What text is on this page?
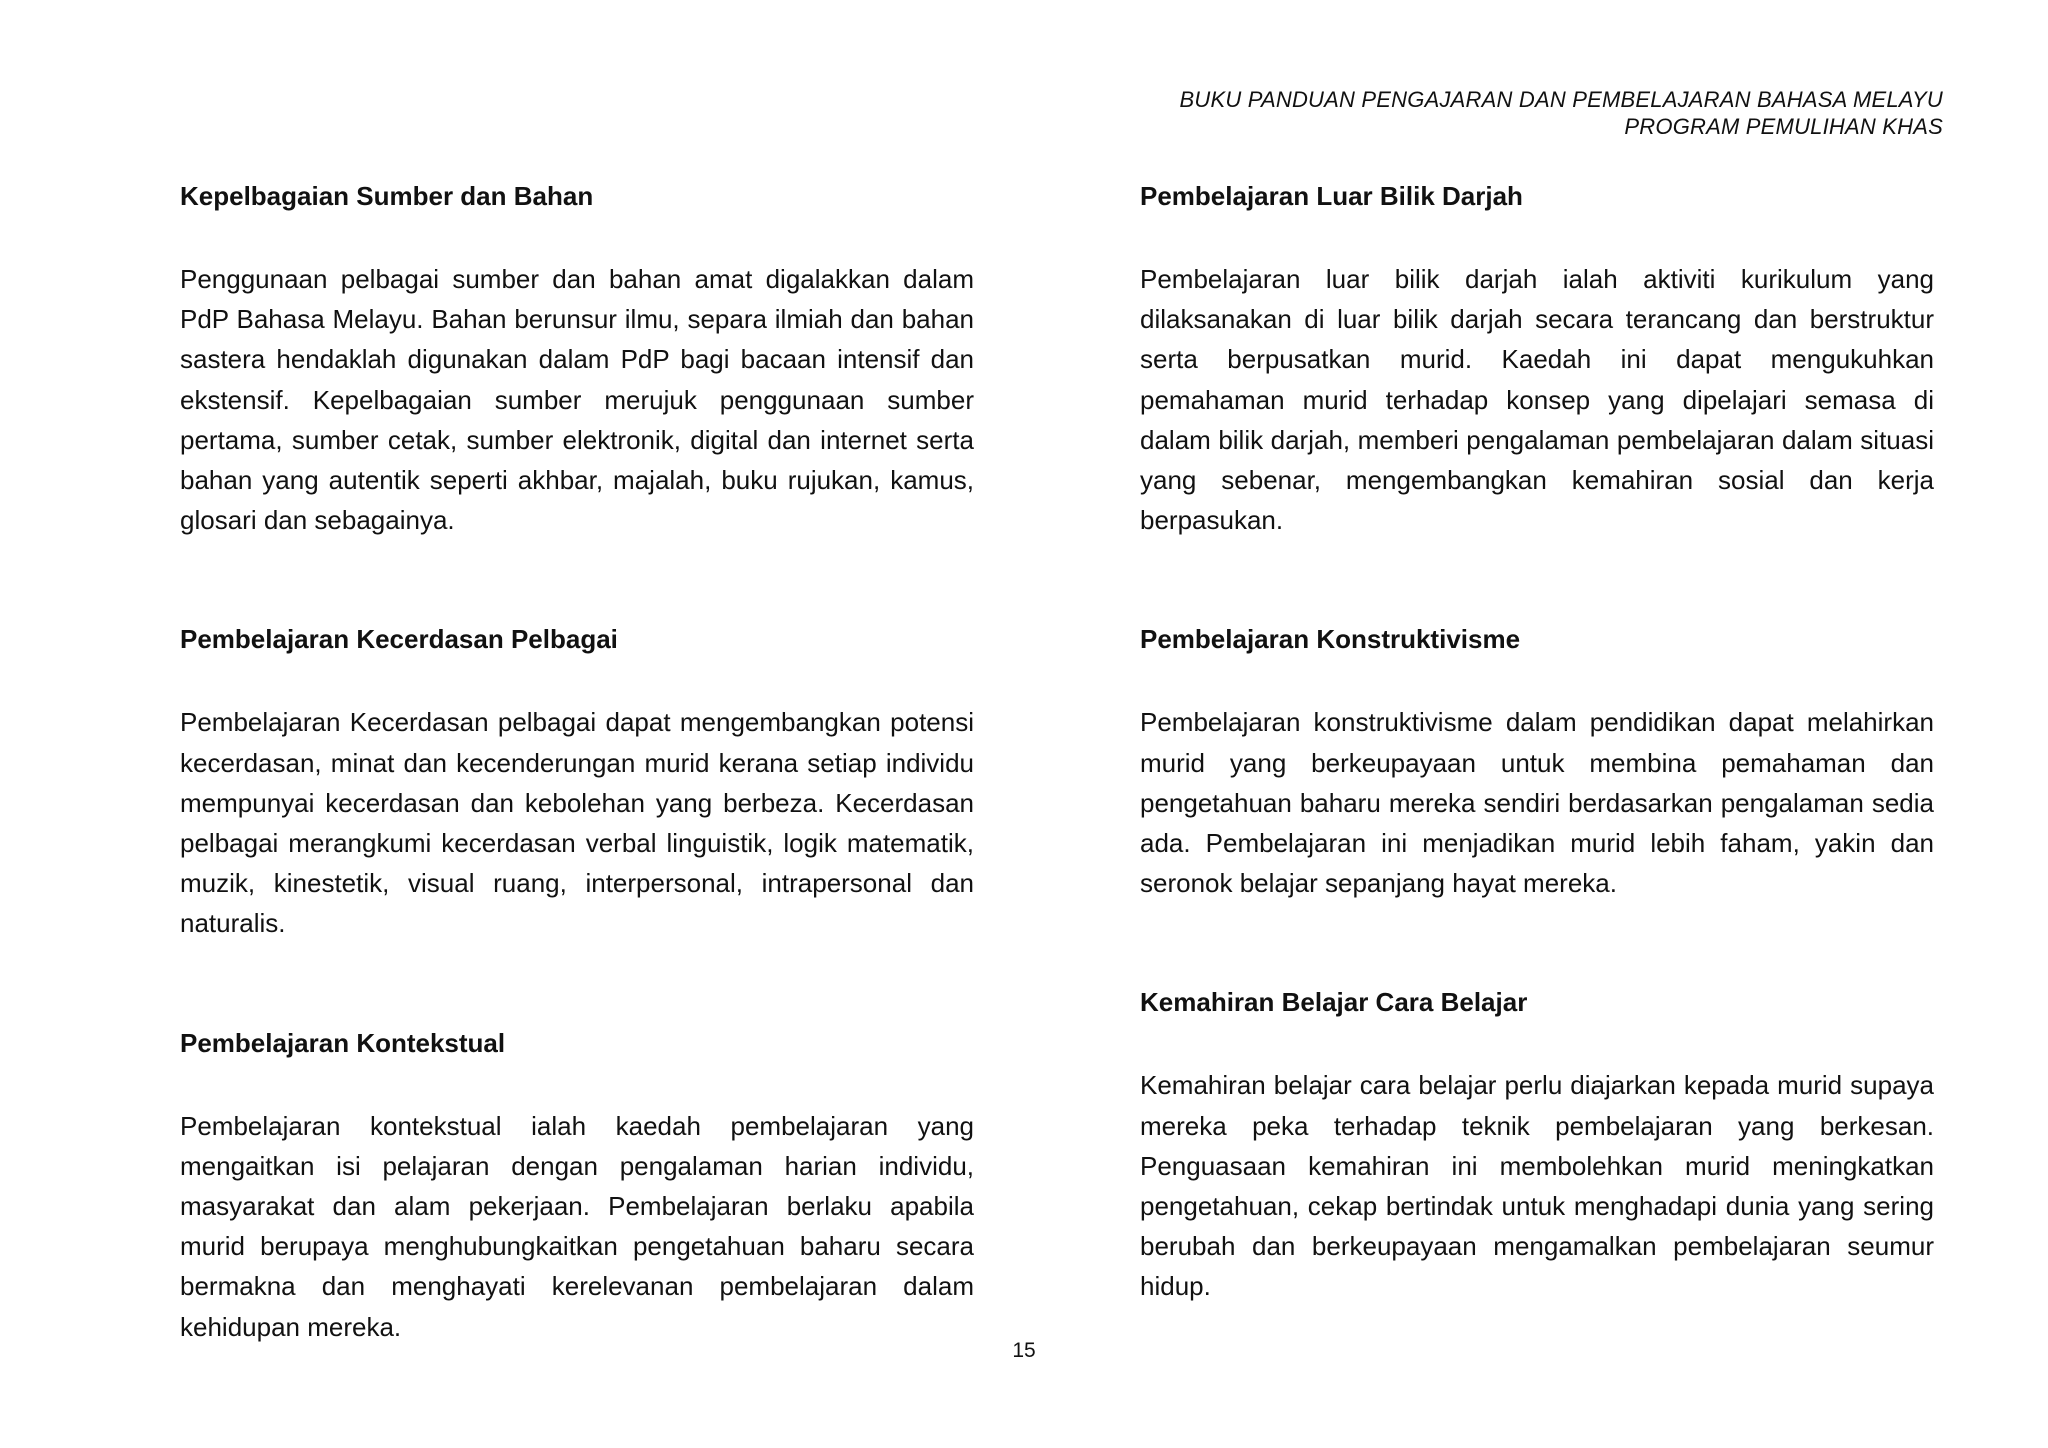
BUKU PANDUAN PENGAJARAN DAN PEMBELAJARAN BAHASA MELAYU
PROGRAM PEMULIHAN KHAS
Kepelbagaian Sumber dan Bahan

Penggunaan pelbagai sumber dan bahan amat digalakkan dalam PdP Bahasa Melayu. Bahan berunsur ilmu, separa ilmiah dan bahan sastera hendaklah digunakan dalam PdP bagi bacaan intensif dan ekstensif. Kepelbagaian sumber merujuk penggunaan sumber pertama, sumber cetak, sumber elektronik, digital dan internet serta bahan yang autentik seperti akhbar, majalah, buku rujukan, kamus, glosari dan sebagainya.

Pembelajaran Kecerdasan Pelbagai

Pembelajaran Kecerdasan pelbagai dapat mengembangkan potensi kecerdasan, minat dan kecenderungan murid kerana setiap individu mempunyai kecerdasan dan kebolehan yang berbeza. Kecerdasan pelbagai merangkumi kecerdasan verbal linguistik, logik matematik, muzik, kinestetik, visual ruang, interpersonal, intrapersonal dan naturalis.

Pembelajaran Kontekstual

Pembelajaran kontekstual ialah kaedah pembelajaran yang mengaitkan isi pelajaran dengan pengalaman harian individu, masyarakat dan alam pekerjaan. Pembelajaran berlaku apabila murid berupaya menghubungkaitkan pengetahuan baharu secara bermakna dan menghayati kerelevanan pembelajaran dalam kehidupan mereka.

Pembelajaran Luar Bilik Darjah

Pembelajaran luar bilik darjah ialah aktiviti kurikulum yang dilaksanakan di luar bilik darjah secara terancang dan berstruktur serta berpusatkan murid. Kaedah ini dapat mengukuhkan pemahaman murid terhadap konsep yang dipelajari semasa di dalam bilik darjah, memberi pengalaman pembelajaran dalam situasi yang sebenar, mengembangkan kemahiran sosial dan kerja berpasukan.

Pembelajaran Konstruktivisme

Pembelajaran konstruktivisme dalam pendidikan dapat melahirkan murid yang berkeupayaan untuk membina pemahaman dan pengetahuan baharu mereka sendiri berdasarkan pengalaman sedia ada. Pembelajaran ini menjadikan murid lebih faham, yakin dan seronok belajar sepanjang hayat mereka.

Kemahiran Belajar Cara Belajar

Kemahiran belajar cara belajar perlu diajarkan kepada murid supaya mereka peka terhadap teknik pembelajaran yang berkesan. Penguasaan kemahiran ini membolehkan murid meningkatkan pengetahuan, cekap bertindak untuk menghadapi dunia yang sering berubah dan berkeupayaan mengamalkan pembelajaran seumur hidup.

15
